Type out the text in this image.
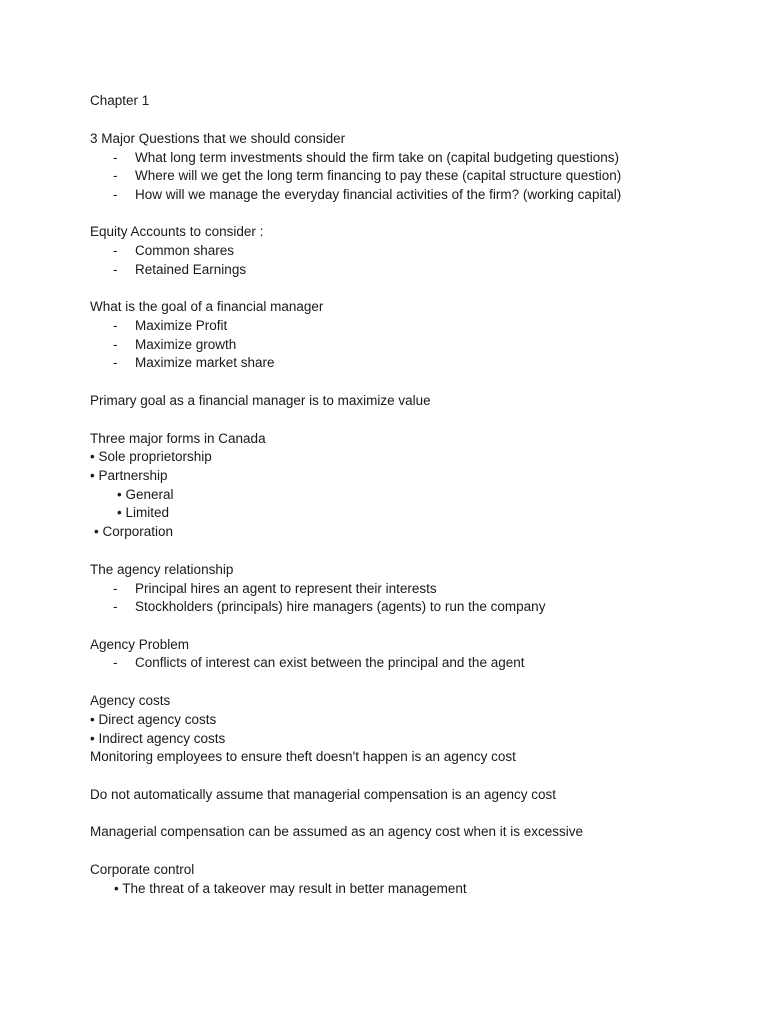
Chapter 1
3 Major Questions that we should consider
- What long term investments should the firm take on (capital budgeting questions)
- Where will we get the long term financing to pay these (capital structure question)
- How will we manage the everyday financial activities of the firm? (working capital)
Equity Accounts to consider :
- Common shares
- Retained Earnings
What is the goal of a financial manager
- Maximize Profit
- Maximize growth
- Maximize market share
Primary goal as a financial manager is to maximize value
Three major forms in Canada
• Sole proprietorship
• Partnership
• General
• Limited
• Corporation
The agency relationship
- Principal hires an agent to represent their interests
- Stockholders (principals) hire managers (agents) to run the company
Agency Problem
- Conflicts of interest can exist between the principal and the agent
Agency costs
• Direct agency costs
• Indirect agency costs
Monitoring employees to ensure theft doesn't happen is an agency cost
Do not automatically assume that managerial compensation is an agency cost
Managerial compensation can be assumed as an agency cost when it is excessive
Corporate control
• The threat of a takeover may result in better management
